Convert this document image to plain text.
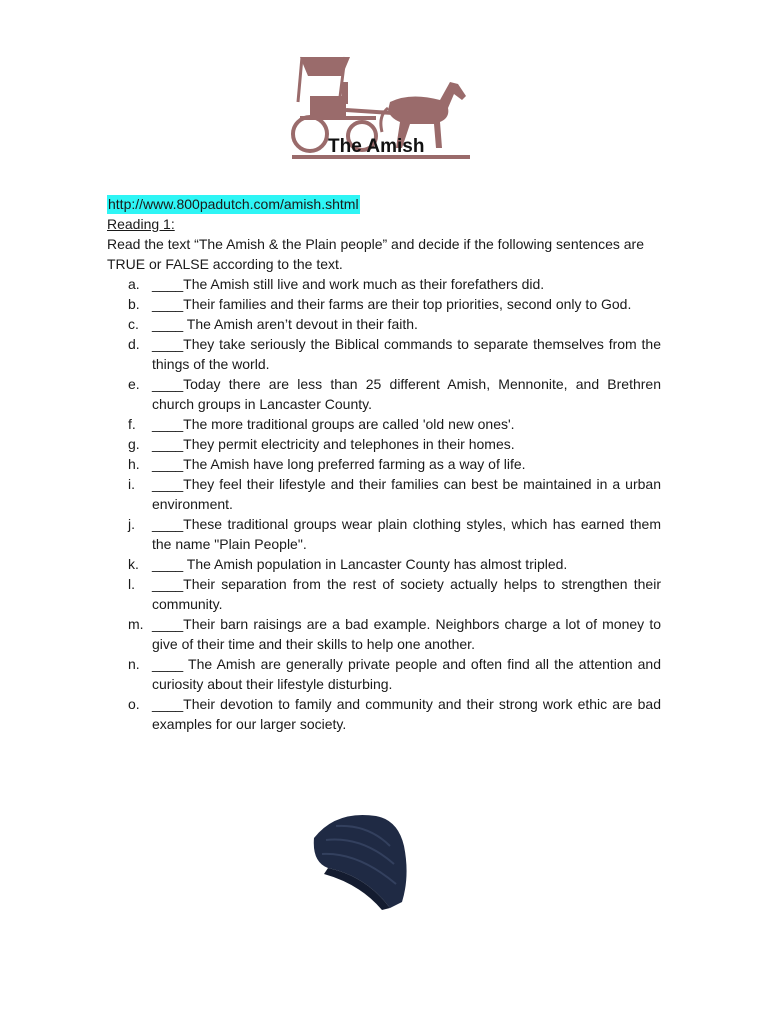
The Amish
http://www.800padutch.com/amish.shtml
Reading 1:

Read the text “The Amish & the Plain people” and decide if the following sentences are TRUE or FALSE according to the text.

a. ____The Amish still live and work much as their forefathers did.
b. ____Their families and their farms are their top priorities, second only to God.
c. ____ The Amish aren’t devout in their faith.
d. ____They take seriously the Biblical commands to separate themselves from the things of the world.
e. ____Today there are less than 25 different Amish, Mennonite, and Brethren church groups in Lancaster County.
f. ____The more traditional groups are called 'old new ones'.
g. ____They permit electricity and telephones in their homes.
h. ____The Amish have long preferred farming as a way of life.
i. ____They feel their lifestyle and their families can best be maintained in a urban environment.
j. ____These traditional groups wear plain clothing styles, which has earned them the name "Plain People".
k. ____ The Amish population in Lancaster County has almost tripled.
l. ____Their separation from the rest of society actually helps to strengthen their community.
m. ____Their barn raisings are a bad example. Neighbors charge a lot of money to give of their time and their skills to help one another.
n. ____ The Amish are generally private people and often find all the attention and curiosity about their lifestyle disturbing.
o. ____Their devotion to family and community and their strong work ethic are bad examples for our larger society.
